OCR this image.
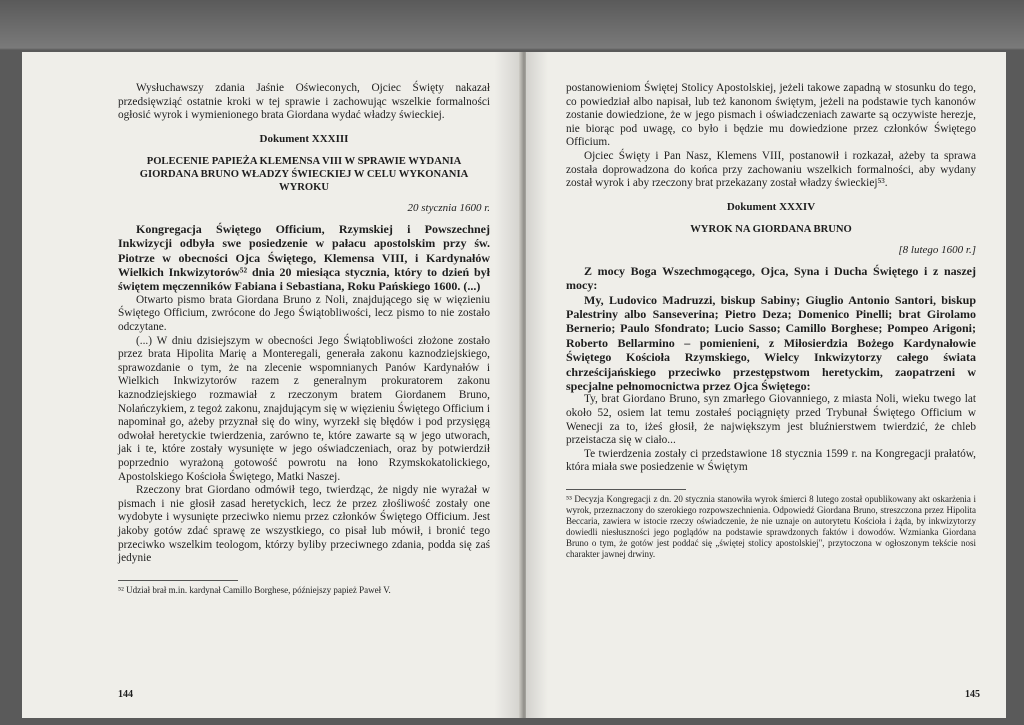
Wysłuchawszy zdania Jaśnie Oświeconych, Ojciec Święty nakazał przedsięwziąć ostatnie kroki w tej sprawie i zachowując wszelkie formalności ogłosić wyrok i wymienionego brata Giordana wydać władzy świeckiej.

Dokument XXXIII
POLECENIE PAPIEŻA KLEMENSA VIII W SPRAWIE WYDANIA GIORDANA BRUNO WŁADZY ŚWIECKIEJ W CELU WYKONANIA WYROKU
20 stycznia 1600 r.

Kongregacja Świętego Officium, Rzymskiej i Powszechnej Inkwizycji odbyła swe posiedzenie w pałacu apostolskim przy św. Piotrze w obecności Ojca Świętego, Klemensa VIII, i Kardynałów Wielkich Inkwizytorów⁵² dnia 20 miesiąca stycznia, który to dzień był świętem męczenników Fabiana i Sebastiana, Roku Pańskiego 1600. (...)

Otwarto pismo brata Giordana Bruno z Noli, znajdującego się w więzieniu Świętego Officium, zwrócone do Jego Świątobliwości, lecz pismo to nie zostało odczytane.

(...) W dniu dzisiejszym w obecności Jego Świątobliwości złożone zostało przez brata Hipolita Marię a Monteregali, generała zakonu kaznodziejskiego, sprawozdanie o tym, że na zlecenie wspomnianych Panów Kardynałów i Wielkich Inkwizytorów razem z generalnym prokuratorem zakonu kaznodziejskiego rozmawiał z rzeczonym bratem Giordanem Bruno, Nolańczykiem, z tegoż zakonu, znajdującym się w więzieniu Świętego Officium i napominał go, ażeby przyznał się do winy, wyrzekł się błędów i pod przysięgą odwołał heretyckie twierdzenia, zarówno te, które zawarte są w jego utworach, jak i te, które zostały wysunięte w jego oświadczeniach, oraz by potwierdził poprzednio wyrażoną gotowość powrotu na łono Rzymskokatolickiego, Apostolskiego Kościoła Świętego, Matki Naszej.

Rzeczony brat Giordano odmówił tego, twierdząc, że nigdy nie wyrażał w pismach i nie głosił zasad heretyckich, lecz że przez złośliwość zostały one wydobyte i wysunięte przeciwko niemu przez członków Świętego Officium. Jest jakoby gotów zdać sprawę ze wszystkiego, co pisał lub mówił, i bronić tego przeciwko wszelkim teologom, którzy byliby przeciwnego zdania, podda się zaś jedynie

⁵² Udział brał m.in. kardynał Camillo Borghese, późniejszy papież Paweł V.

144

postanowieniom Świętej Stolicy Apostolskiej, jeżeli takowe zapadną w stosunku do tego, co powiedział albo napisał, lub też kanonom świętym, jeżeli na podstawie tych kanonów zostanie dowiedzione, że w jego pismach i oświadczeniach zawarte są oczywiste herezje, nie biorąc pod uwagę, co było i będzie mu dowiedzione przez członków Świętego Officium.

Ojciec Święty i Pan Nasz, Klemens VIII, postanowił i rozkazał, ażeby ta sprawa została doprowadzona do końca przy zachowaniu wszelkich formalności, aby wydany został wyrok i aby rzeczony brat przekazany został władzy świeckiej⁵³.

Dokument XXXIV
WYROK NA GIORDANA BRUNO
[8 lutego 1600 r.]

Z mocy Boga Wszechmogącego, Ojca, Syna i Ducha Świętego i z naszej mocy:

My, Ludovico Madruzzi, biskup Sabiny; Giuglio Antonio Santori, biskup Palestriny albo Sanseverina; Pietro Deza; Domenico Pinelli; brat Girolamo Bernerio; Paulo Sfondrato; Lucio Sasso; Camillo Borghese; Pompeo Arigoni; Roberto Bellarmino – pomienieni, z Miłosierdzia Bożego Kardynałowie Świętego Kościoła Rzymskiego, Wielcy Inkwizytorzy całego świata chrześcijańskiego przeciwko przestępstwom heretyckim, zaopatrzeni w specjalne pełnomocnictwa przez Ojca Świętego:

Ty, brat Giordano Bruno, syn zmarłego Giovanniego, z miasta Noli, wieku twego lat około 52, osiem lat temu zostałeś pociągnięty przed Trybunał Świętego Officium w Wenecji za to, iżeś głosił, że największym jest bluźnierstwem twierdzić, że chleb przeistacza się w ciało...

Te twierdzenia zostały ci przedstawione 18 stycznia 1599 r. na Kongregacji prałatów, która miała swe posiedzenie w Świętym

⁵³ Decyzja Kongregacji z dn. 20 stycznia stanowiła wyrok śmierci 8 lutego został opublikowany akt oskarżenia i wyrok, przeznaczony do szerokiego rozpowszechnienia. Odpowiedź Giordana Bruno, streszczona przez Hipolita Beccaria, zawiera w istocie rzeczy oświadczenie, że nie uznaje on autorytetu Kościoła i żąda, by inkwizytorzy dowiedli niesłuszności jego poglądów na podstawie sprawdzonych faktów i dowodów. Wzmianka Giordana Bruno o tym, że gotów jest poddać się „świętej stolicy apostolskiej", przytoczona w ogłoszonym tekście nosi charakter jawnej drwiny.

145
